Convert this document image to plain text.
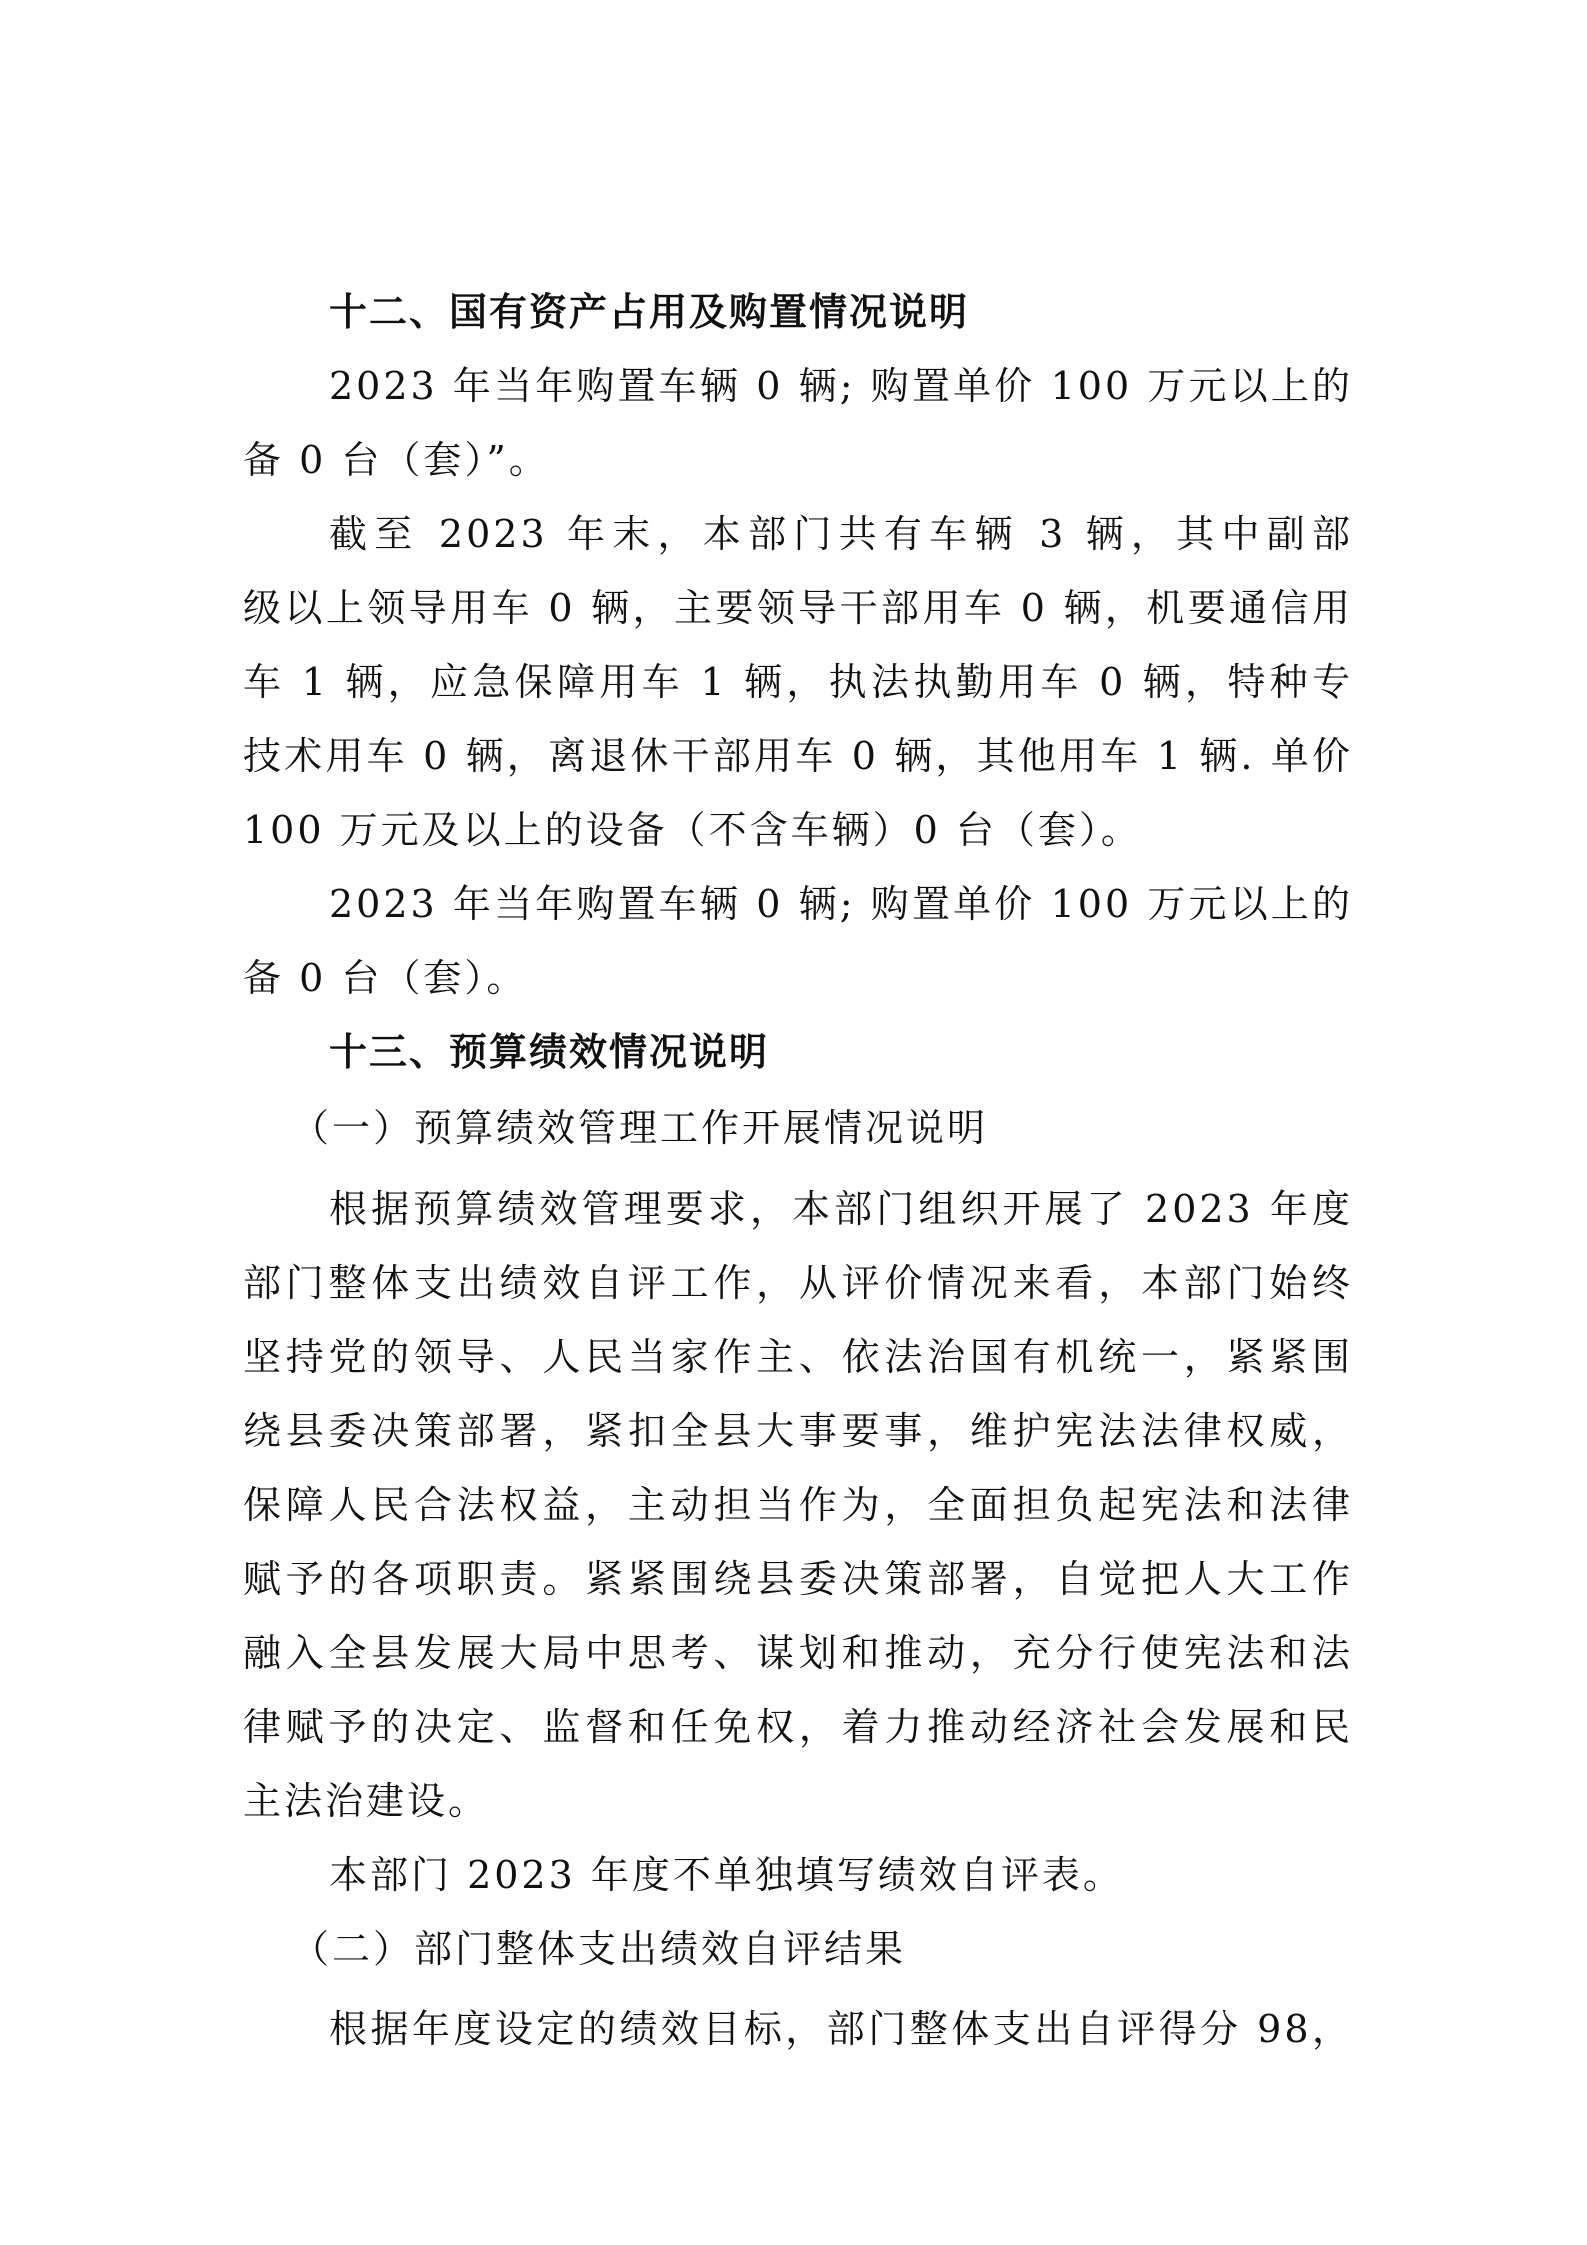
十二、国有资产占用及购置情况说明
2023 年当年购置车辆 0 辆; 购置单价 100 万元以上的
备 0 台（套）”。
截至 2023 年末，本部门共有车辆 3 辆，其中副部
级以上领导用车 0 辆，主要领导干部用车 0 辆，机要通信用
车 1 辆，应急保障用车 1 辆，执法执勤用车 0 辆，特种专
技术用车 0 辆，离退休干部用车 0 辆，其他用车 1 辆. 单价
100 万元及以上的设备（不含车辆）0 台（套）。
2023 年当年购置车辆 0 辆; 购置单价 100 万元以上的
备 0 台（套）。
十三、预算绩效情况说明
（一）预算绩效管理工作开展情况说明
根据预算绩效管理要求，本部门组织开展了 2023 年度
部门整体支出绩效自评工作，从评价情况来看，本部门始终
坚持党的领导、人民当家作主、依法治国有机统一，紧紧围
绕县委决策部署，紧扣全县大事要事，维护宪法法律权威，
保障人民合法权益，主动担当作为，全面担负起宪法和法律
赋予的各项职责。紧紧围绕县委决策部署，自觉把人大工作
融入全县发展大局中思考、谋划和推动，充分行使宪法和法
律赋予的决定、监督和任免权，着力推动经济社会发展和民
主法治建设。
本部门 2023 年度不单独填写绩效自评表。
（二）部门整体支出绩效自评结果
根据年度设定的绩效目标，部门整体支出自评得分 98，
